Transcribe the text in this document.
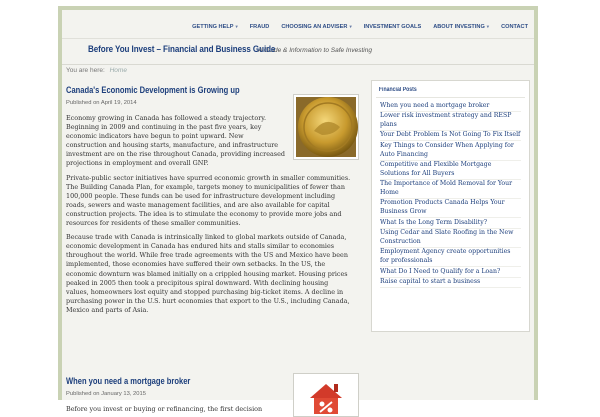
GETTING HELP ▾ FRAUD CHOOSING AN ADVISER ▾ INVESTMENT GOALS ABOUT INVESTING ▾ CONTACT
Before You Invest – Financial and Business Guide
A Guide & Information to Safe Investing
You are here: Home
Canada's Economic Development is Growing up
Published on April 19, 2014

Economy growing in Canada has followed a steady trajectory. Beginning in 2009 and continuing in the past five years, key economic indicators have begun to point upward. New construction and housing starts, manufacture, and infrastructure investment are on the rise throughout Canada, providing increased projections in employment and overall GNP.

Private-public sector initiatives have spurred economic growth in smaller communities. The Building Canada Plan, for example, targets money to municipalities of fewer than 100,000 people. These funds can be used for infrastructure development including roads, sewers and waste management facilities, and are also available for capital construction projects. The idea is to stimulate the economy to provide more jobs and resources for residents of these smaller communities.

Because trade with Canada is intrinsically linked to global markets outside of Canada, economic development in Canada has endured hits and stalls similar to economies throughout the world. While free trade agreements with the US and Mexico have been implemented, those economies have suffered their own setbacks. In the US, the economic downturn was blamed initially on a crippled housing market. Housing prices peaked in 2005 then took a precipitous spiral downward. With declining housing values, homeowners lost equity and stopped purchasing big-ticket items. A decline in purchasing power in the U.S. hurt economies that export to the U.S., including Canada, Mexico and parts of Asia.

When you need a mortgage broker
Published on January 13, 2015

Before you invest or buying or refinancing, the first decision

Financial Posts
When you need a mortgage broker
Lower risk investment strategy and RESP plans
Your Debt Problem Is Not Going To Fix Itself
Key Things to Consider When Applying for Auto Financing
Competitive and Flexible Mortgage Solutions for All Buyers
The Importance of Mold Removal for Your Home
Promotion Products Canada Helps Your Business Grow
What Is the Long Term Disability?
Using Cedar and Slate Roofing in the New Construction
Employment Agency create opportunities for professionals
What Do I Need to Qualify for a Loan?
Raise capital to start a business
